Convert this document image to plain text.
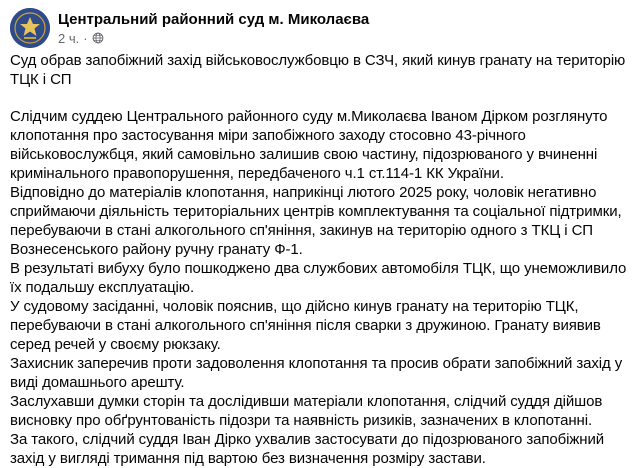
Центральний районний суд м. Миколаєва
2 ч. ·

Суд обрав запобіжний захід військовослужбовцю в СЗЧ, який кинув гранату на територію ТЦК і СП

Слідчим суддею Центрального районного суду м.Миколаєва Іваном Дірком розглянуто клопотання про застосування міри запобіжного заходу стосовно 43-річного військовослужбця, який самовільно залишив свою частину, підозрюваного у вчиненні кримінального правопорушення, передбаченого ч.1 ст.114-1 КК України.

Відповідно до матеріалів клопотання, наприкінці лютого 2025 року, чоловік негативно сприймаючи діяльність територіальних центрів комплектування та соціальної підтримки, перебуваючи в стані алкогольного сп'яніння, закинув на територію одного з ТКЦ і СП Вознесенського району ручну гранату Ф-1.

В результаті вибуху було пошкоджено два службових автомобіля ТЦК, що унеможливило їх подальшу експлуатацію.

У судовому засіданні, чоловік пояснив, що дійсно кинув гранату на територію ТЦК, перебуваючи в стані алкогольного сп'яніння після сварки з дружиною. Гранату виявив серед речей у своєму рюкзаку.

Захисник заперечив проти задоволення клопотання та просив обрати запобіжний захід у виді домашнього арешту.

Заслухавши думки сторін та дослідивши матеріали клопотання, слідчий суддя дійшов висновку про обґрунтованість підозри та наявність ризиків, зазначених в клопотанні.

За такого, слідчий суддя Іван Дірко ухвалив застосувати до підозрюваного запобіжний захід у вигляді тримання під вартою без визначення розміру застави.
